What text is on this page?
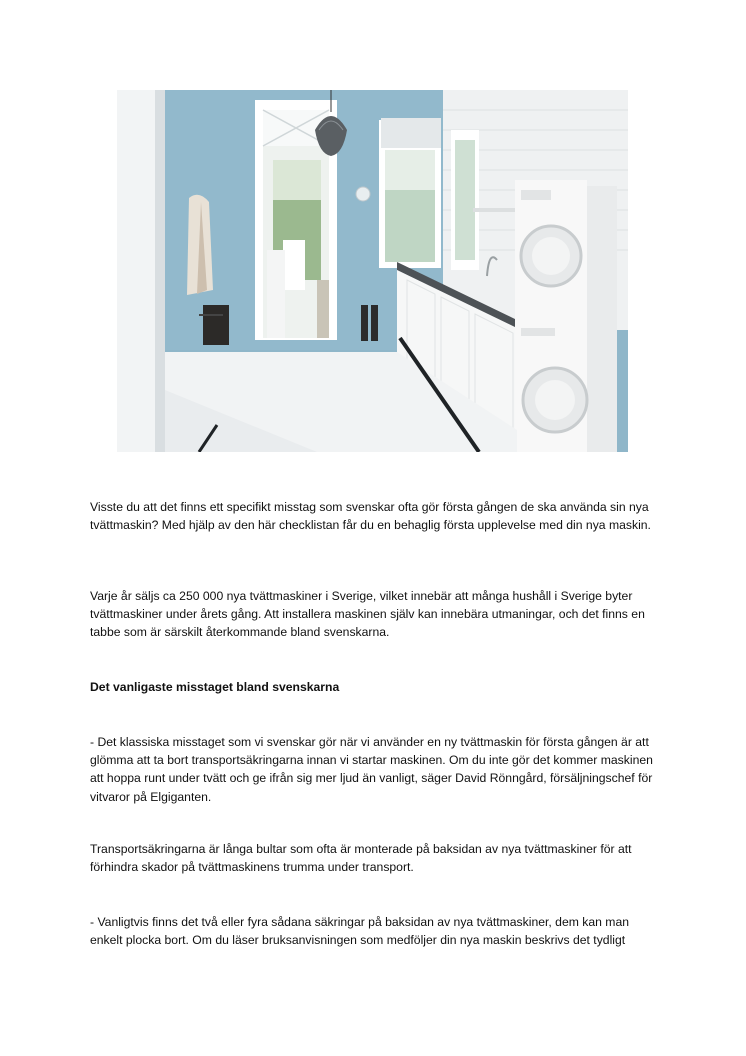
Visste du att det finns ett specifikt misstag som svenskar ofta gör första gången de ska använda sin nya tvättmaskin? Med hjälp av den här checklistan får du en behaglig första upplevelse med din nya maskin.

Varje år säljs ca 250 000 nya tvättmaskiner i Sverige, vilket innebär att många hushåll i Sverige byter tvättmaskiner under årets gång. Att installera maskinen själv kan innebära utmaningar, och det finns en tabbe som är särskilt återkommande bland svenskarna.

Det vanligaste misstaget bland svenskarna

- Det klassiska misstaget som vi svenskar gör när vi använder en ny tvättmaskin för första gången är att glömma att ta bort transportsäkringarna innan vi startar maskinen. Om du inte gör det kommer maskinen att hoppa runt under tvätt och ge ifrån sig mer ljud än vanligt, säger David Rönngård, försäljningschef för vitvaror på Elgiganten.

Transportsäkringarna är långa bultar som ofta är monterade på baksidan av nya tvättmaskiner för att förhindra skador på tvättmaskinens trumma under transport.

- Vanligtvis finns det två eller fyra sådana säkringar på baksidan av nya tvättmaskiner, dem kan man enkelt plocka bort. Om du läser bruksanvisningen som medföljer din nya maskin beskrivs det tydligt
